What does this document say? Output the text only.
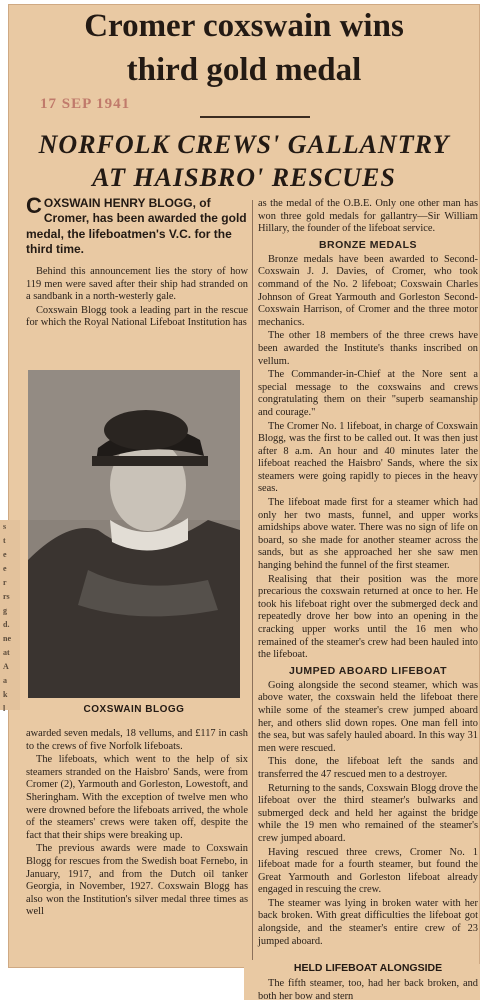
s
t
e
e
r
rs
g
d.
ne
at
A
a
k
l
Cromer coxswain wins
third gold medal
17 SEP 1941
NORFOLK CREWS' GALLANTRY
AT HAISBRO' RESCUES
COXSWAIN HENRY BLOGG, of Cromer, has been awarded the gold medal, the lifeboatmen's V.C. for the third time.

Behind this announcement lies the story of how 119 men were saved after their ship had stranded on a sandbank in a north-westerly gale.

Coxswain Blogg took a leading part in the rescue for which the Royal National Lifeboat Institution has

COXSWAIN BLOGG

awarded seven medals, 18 vellums, and £117 in cash to the crews of five Norfolk lifeboats.

The lifeboats, which went to the help of six steamers stranded on the Haisbro' Sands, were from Cromer (2), Yarmouth and Gorleston, Lowestoft, and Sheringham. With the exception of twelve men who were drowned before the lifeboats arrived, the whole of the steamers' crews were taken off, despite the fact that their ships were breaking up.

The previous awards were made to Coxswain Blogg for rescues from the Swedish boat Fernebo, in January, 1917, and from the Dutch oil tanker Georgia, in November, 1927. Coxswain Blogg has also won the Institution's silver medal three times as well

as the medal of the O.B.E. Only one other man has won three gold medals for gallantry—Sir William Hillary, the founder of the lifeboat service.

BRONZE MEDALS

Bronze medals have been awarded to Second-Coxswain J. J. Davies, of Cromer, who took command of the No. 2 lifeboat; Coxswain Charles Johnson of Great Yarmouth and Gorleston Second-Coxswain Harrison, of Cromer and the three motor mechanics.

The other 18 members of the three crews have been awarded the Institute's thanks inscribed on vellum.

The Commander-in-Chief at the Nore sent a special message to the coxswains and crews congratulating them on their "superb seamanship and courage."

The Cromer No. 1 lifeboat, in charge of Coxswain Blogg, was the first to be called out. It was then just after 8 a.m. An hour and 40 minutes later the lifeboat reached the Haisbro' Sands, where the six steamers were going rapidly to pieces in the heavy seas.

The lifeboat made first for a steamer which had only her two masts, funnel, and upper works amidships above water. There was no sign of life on board, so she made for another steamer across the sands, but as she approached her she saw men hanging behind the funnel of the first steamer.

Realising that their position was the more precarious the coxswain returned at once to her. He took his lifeboat right over the submerged deck and repeatedly drove her bow into an opening in the cracking upper works until the 16 men who remained of the steamer's crew had been hauled into the lifeboat.

JUMPED ABOARD LIFEBOAT

Going alongside the second steamer, which was above water, the coxswain held the lifeboat there while some of the steamer's crew jumped aboard her, and others slid down ropes. One man fell into the sea, but was safely hauled aboard. In this way 31 men were rescued.

This done, the lifeboat left the sands and transferred the 47 rescued men to a destroyer.

Returning to the sands, Coxswain Blogg drove the lifeboat over the third steamer's bulwarks and submerged deck and held her against the bridge while the 19 men who remained of the steamer's crew jumped aboard.

Having rescued three crews, Cromer No. 1 lifeboat made for a fourth steamer, but found the Great Yarmouth and Gorleston lifeboat already engaged in rescuing the crew.

The steamer was lying in broken water with her back broken. With great difficulties the lifeboat got alongside, and the steamer's entire crew of 23 jumped aboard.

HELD LIFEBOAT ALONGSIDE

The fifth steamer, too, had her back broken, and both her bow and stern
